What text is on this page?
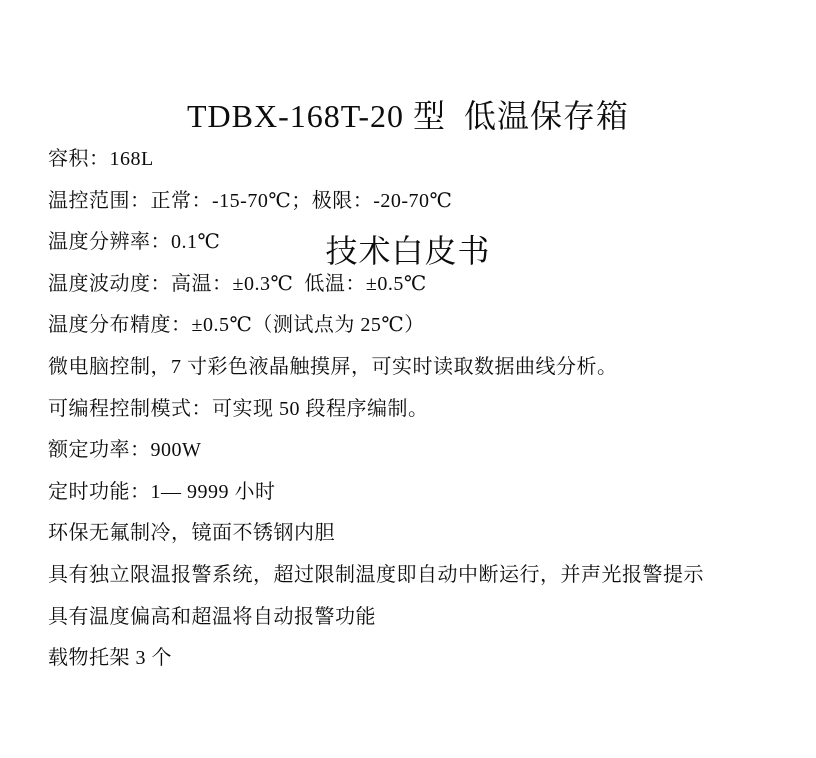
TDBX-168T-20 型  低温保存箱

技术白皮书

容积：168L

温控范围：正常：-15-70℃；极限：-20-70℃

温度分辨率：0.1℃

温度波动度：高温：±0.3℃  低温：±0.5℃

温度分布精度：±0.5℃（测试点为 25℃）

微电脑控制，7 寸彩色液晶触摸屏，可实时读取数据曲线分析。

可编程控制模式：可实现 50 段程序编制。

额定功率：900W

定时功能：1— 9999 小时

环保无氟制冷，镜面不锈钢内胆

具有独立限温报警系统，超过限制温度即自动中断运行，并声光报警提示

具有温度偏高和超温将自动报警功能

载物托架 3 个
